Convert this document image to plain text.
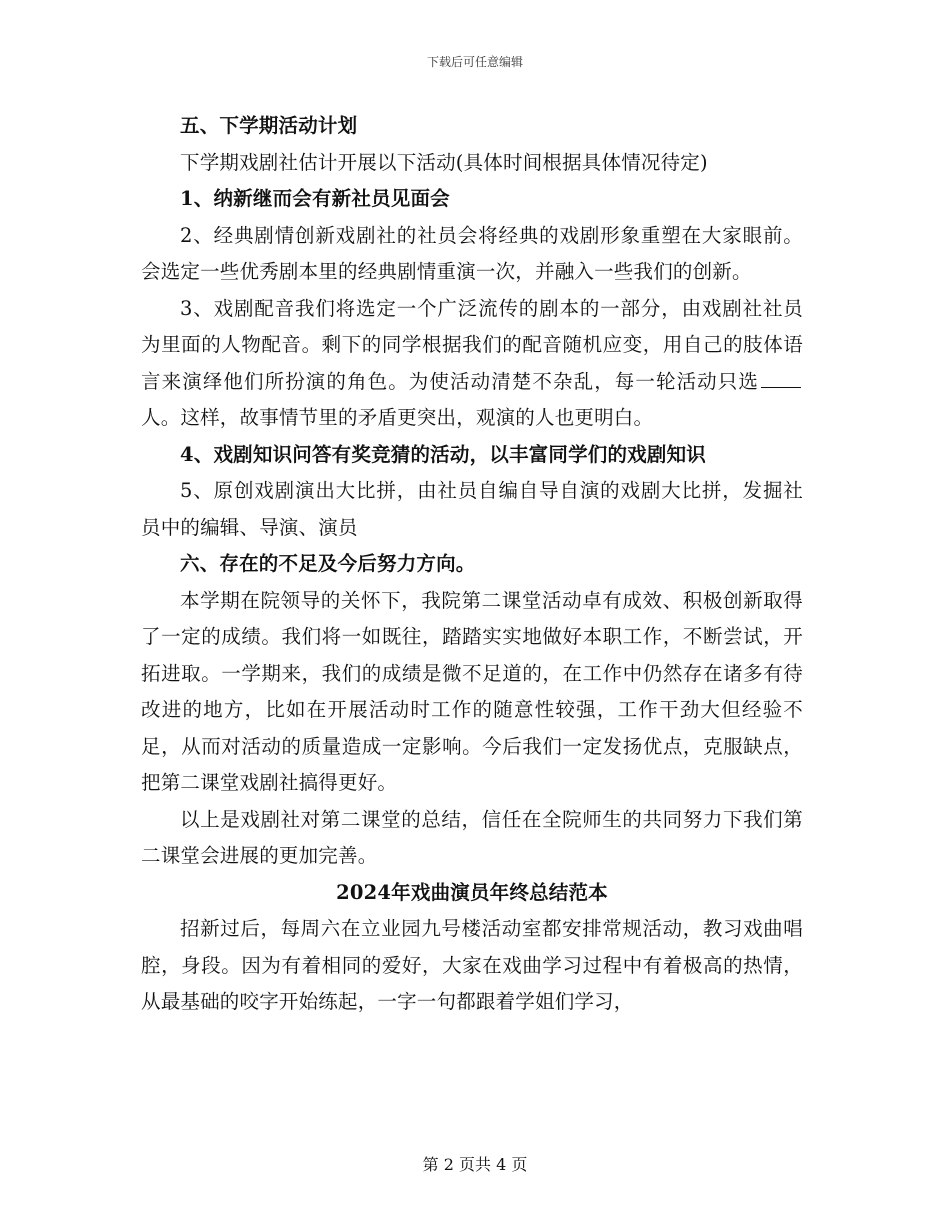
下载后可任意编辑

五、下学期活动计划

下学期戏剧社估计开展以下活动(具体时间根据具体情况待定)

1、纳新继而会有新社员见面会

2、经典剧情创新戏剧社的社员会将经典的戏剧形象重塑在大家眼前。会选定一些优秀剧本里的经典剧情重演一次，并融入一些我们的创新。

3、戏剧配音我们将选定一个广泛流传的剧本的一部分，由戏剧社社员为里面的人物配音。剩下的同学根据我们的配音随机应变，用自己的肢体语言来演绎他们所扮演的角色。为使活动清楚不杂乱，每一轮活动只选人。这样，故事情节里的矛盾更突出，观演的人也更明白。

4、戏剧知识问答有奖竞猜的活动，以丰富同学们的戏剧知识

5、原创戏剧演出大比拼，由社员自编自导自演的戏剧大比拼，发掘社员中的编辑、导演、演员

六、存在的不足及今后努力方向。

本学期在院领导的关怀下，我院第二课堂活动卓有成效、积极创新取得了一定的成绩。我们将一如既往，踏踏实实地做好本职工作，不断尝试，开拓进取。一学期来，我们的成绩是微不足道的，在工作中仍然存在诸多有待改进的地方，比如在开展活动时工作的随意性较强，工作干劲大但经验不足，从而对活动的质量造成一定影响。今后我们一定发扬优点，克服缺点，把第二课堂戏剧社搞得更好。

以上是戏剧社对第二课堂的总结，信任在全院师生的共同努力下我们第二课堂会进展的更加完善。

2024年戏曲演员年终总结范本

招新过后，每周六在立业园九号楼活动室都安排常规活动，教习戏曲唱腔，身段。因为有着相同的爱好，大家在戏曲学习过程中有着极高的热情，从最基础的咬字开始练起，一字一句都跟着学姐们学习，

第 2 页共 4 页
